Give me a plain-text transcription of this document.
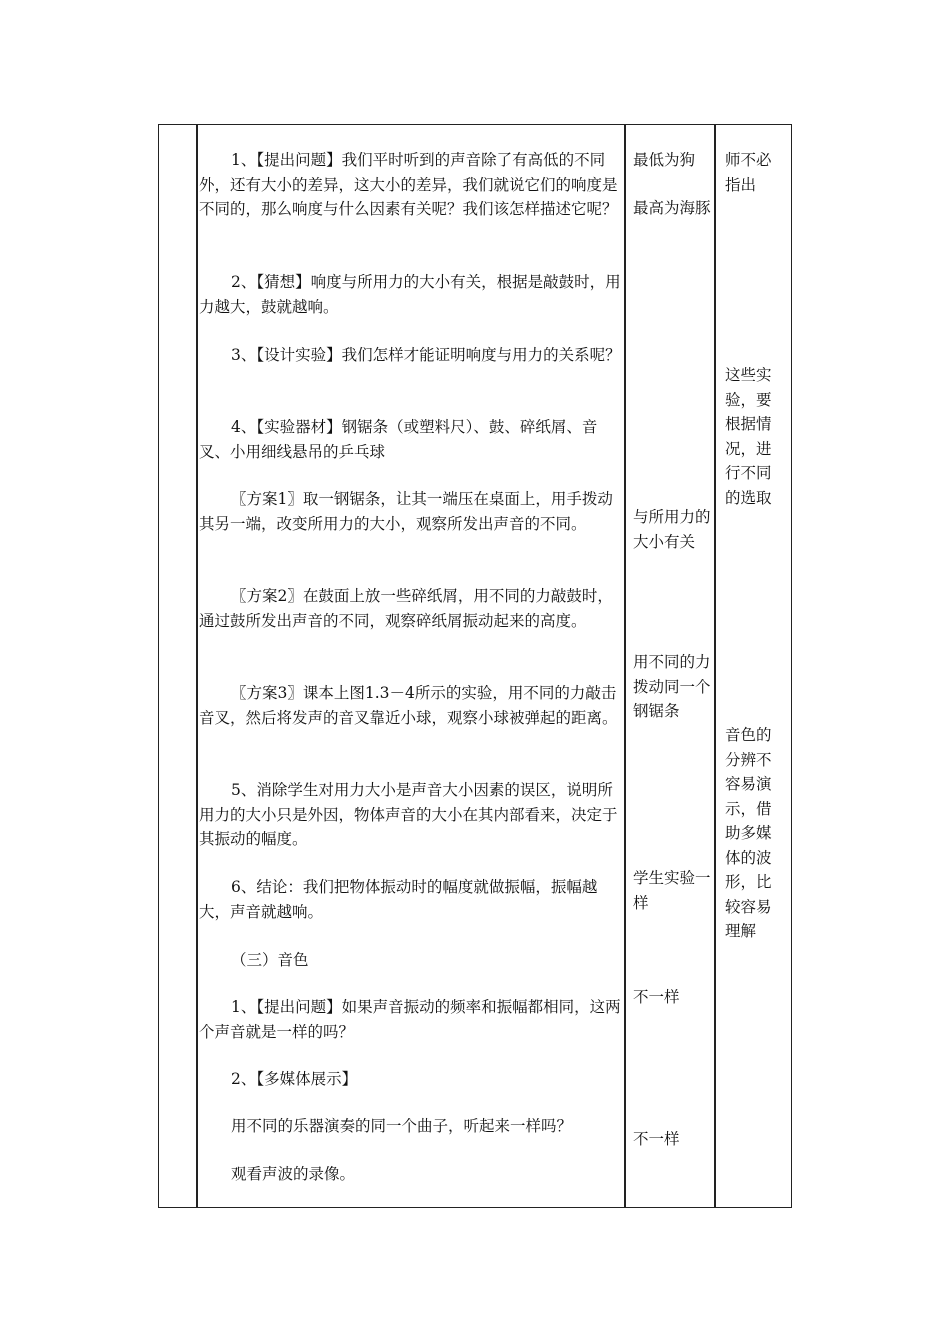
1、【提出问题】我们平时听到的声音除了有高低的不同外，还有大小的差异，这大小的差异，我们就说它们的响度是不同的，那么响度与什么因素有关呢？我们该怎样描述它呢？
2、【猜想】响度与所用力的大小有关，根据是敲鼓时，用力越大，鼓就越响。
3、【设计实验】我们怎样才能证明响度与用力的关系呢？
4、【实验器材】钢锯条（或塑料尺）、鼓、碎纸屑、音叉、小用细线悬吊的乒乓球
〖方案1〗取一钢锯条，让其一端压在桌面上，用手拨动其另一端，改变所用力的大小，观察所发出声音的不同。
〖方案2〗在鼓面上放一些碎纸屑，用不同的力敲鼓时，通过鼓所发出声音的不同，观察碎纸屑振动起来的高度。
〖方案3〗课本上图1.3－4所示的实验，用不同的力敲击音叉，然后将发声的音叉靠近小球，观察小球被弹起的距离。
5、消除学生对用力大小是声音大小因素的误区，说明所用力的大小只是外因，物体声音的大小在其内部看来，决定于其振动的幅度。
6、结论：我们把物体振动时的幅度就做振幅，振幅越大，声音就越响。
（三）音色
1、【提出问题】如果声音振动的频率和振幅都相同，这两个声音就是一样的吗？
2、【多媒体展示】
用不同的乐器演奏的同一个曲子，听起来一样吗？
观看声波的录像。
最低为狗
最高为海豚
与所用力的大小有关
用不同的力拨动同一个钢锯条
学生实验一样
不一样
不一样
师不必指出
这些实验，要根据情况，进行不同的选取
音色的分辨不容易演示，借助多媒体的波形，比较容易理解
